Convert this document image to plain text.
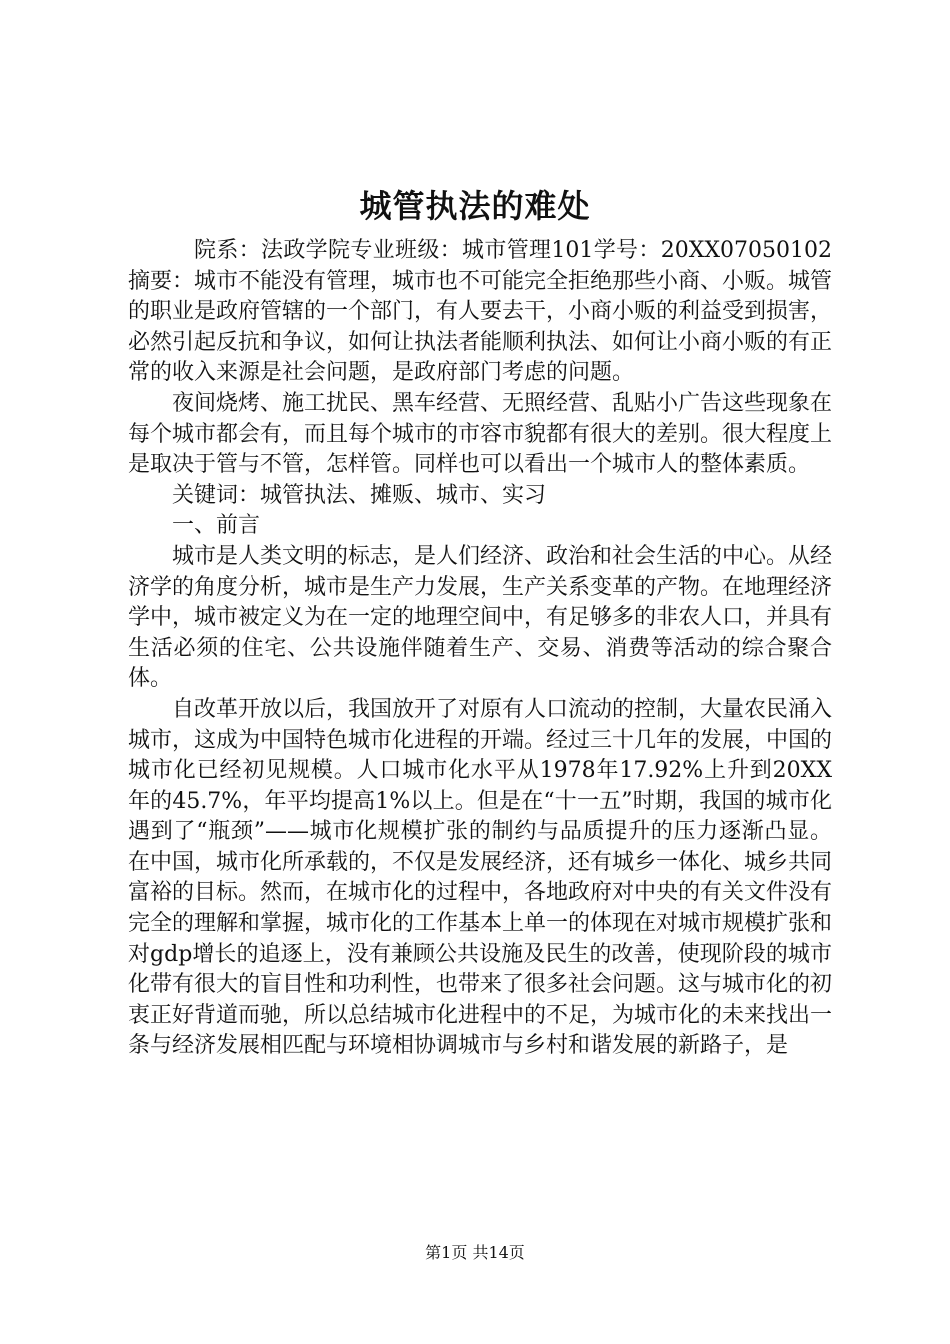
城管执法的难处

院系：法政学院专业班级：城市管理101学号：20XX07050102摘要：城市不能没有管理，城市也不可能完全拒绝那些小商、小贩。城管的职业是政府管辖的一个部门，有人要去干，小商小贩的利益受到损害，必然引起反抗和争议，如何让执法者能顺利执法、如何让小商小贩的有正常的收入来源是社会问题，是政府部门考虑的问题。

夜间烧烤、施工扰民、黑车经营、无照经营、乱贴小广告这些现象在每个城市都会有，而且每个城市的市容市貌都有很大的差别。很大程度上是取决于管与不管，怎样管。同样也可以看出一个城市人的整体素质。

关键词：城管执法、摊贩、城市、实习

一、前言

城市是人类文明的标志，是人们经济、政治和社会生活的中心。从经济学的角度分析，城市是生产力发展，生产关系变革的产物。在地理经济学中，城市被定义为在一定的地理空间中，有足够多的非农人口，并具有生活必须的住宅、公共设施伴随着生产、交易、消费等活动的综合聚合体。

自改革开放以后，我国放开了对原有人口流动的控制，大量农民涌入城市，这成为中国特色城市化进程的开端。经过三十几年的发展，中国的城市化已经初见规模。人口城市化水平从1978年17.92%上升到20XX年的45.7%，年平均提高1%以上。但是在“十一五”时期，我国的城市化遇到了“瓶颈”——城市化规模扩张的制约与品质提升的压力逐渐凸显。在中国，城市化所承载的，不仅是发展经济，还有城乡一体化、城乡共同富裕的目标。然而，在城市化的过程中，各地政府对中央的有关文件没有完全的理解和掌握，城市化的工作基本上单一的体现在对城市规模扩张和对gdp增长的追逐上，没有兼顾公共设施及民生的改善，使现阶段的城市化带有很大的盲目性和功利性，也带来了很多社会问题。这与城市化的初衷正好背道而驰，所以总结城市化进程中的不足，为城市化的未来找出一条与经济发展相匹配与环境相协调城市与乡村和谐发展的新路子，是

第1页 共14页
